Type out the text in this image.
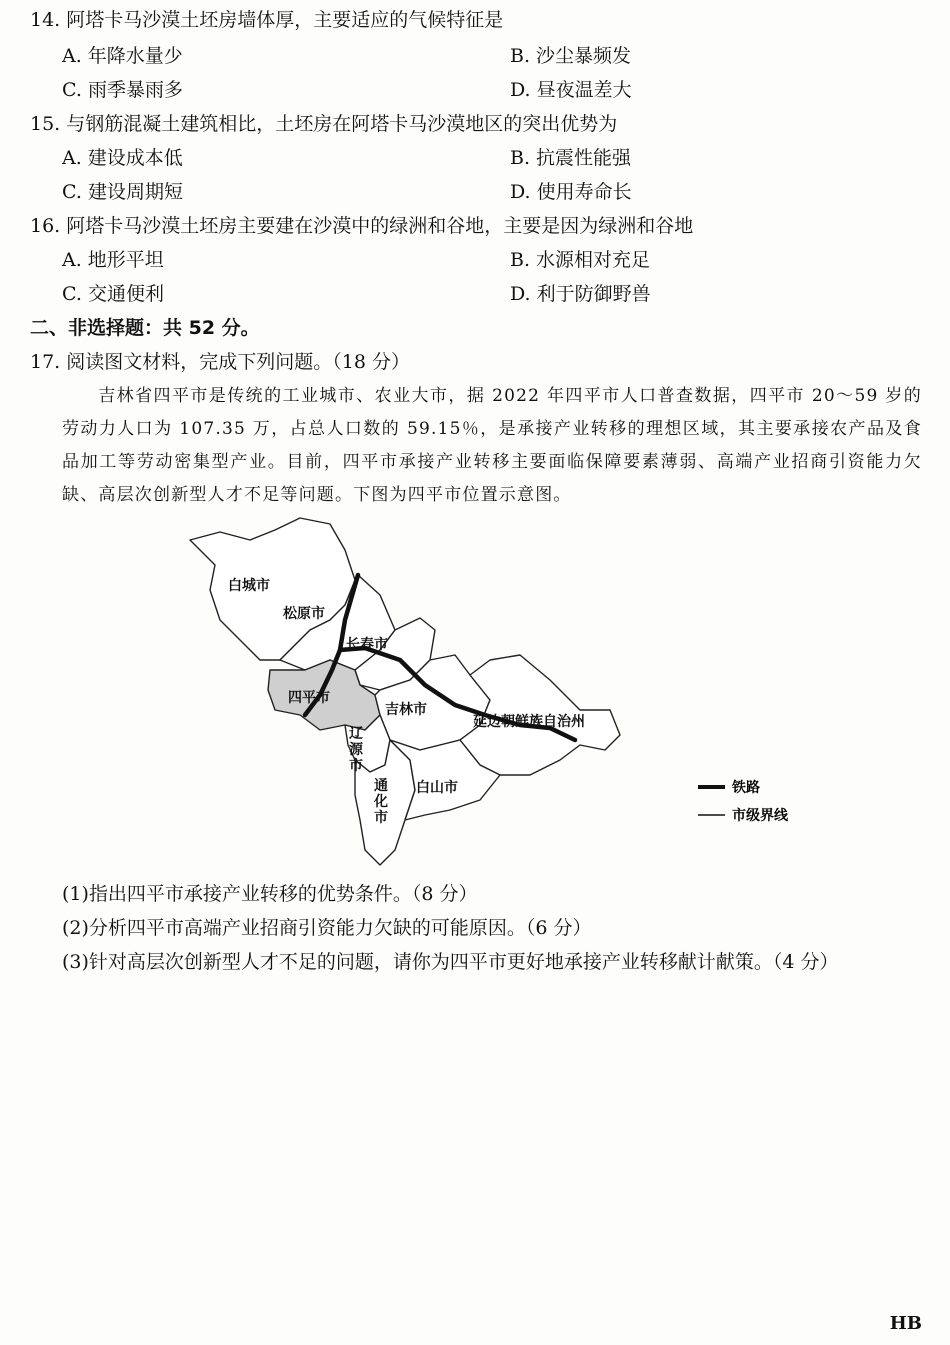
14. 阿塔卡马沙漠土坯房墙体厚，主要适应的气候特征是
A. 年降水量少	B. 沙尘暴频发
C. 雨季暴雨多	D. 昼夜温差大
15. 与钢筋混凝土建筑相比，土坯房在阿塔卡马沙漠地区的突出优势为
A. 建设成本低	B. 抗震性能强
C. 建设周期短	D. 使用寿命长
16. 阿塔卡马沙漠土坯房主要建在沙漠中的绿洲和谷地，主要是因为绿洲和谷地
A. 地形平坦	B. 水源相对充足
C. 交通便利	D. 利于防御野兽
二、非选择题：共 52 分。
17. 阅读图文材料，完成下列问题。（18 分）
吉林省四平市是传统的工业城市、农业大市，据 2022 年四平市人口普查数据，四平市 20～59 岁的劳动力人口为 107.35 万，占总人口数的 59.15％，是承接产业转移的理想区域，其主要承接农产品及食品加工等劳动密集型产业。目前，四平市承接产业转移主要面临保障要素薄弱、高端产业招商引资能力欠缺、高层次创新型人才不足等问题。下图为四平市位置示意图。
白城市
松原市
长春市
四平市
吉林市
延边朝鲜族自治州
辽
源
市
通
化
市
白山市	铁路
市级界线
(1)指出四平市承接产业转移的优势条件。（8 分）
(2)分析四平市高端产业招商引资能力欠缺的可能原因。（6 分）
(3)针对高层次创新型人才不足的问题，请你为四平市更好地承接产业转移献计献策。（4 分）
HB
